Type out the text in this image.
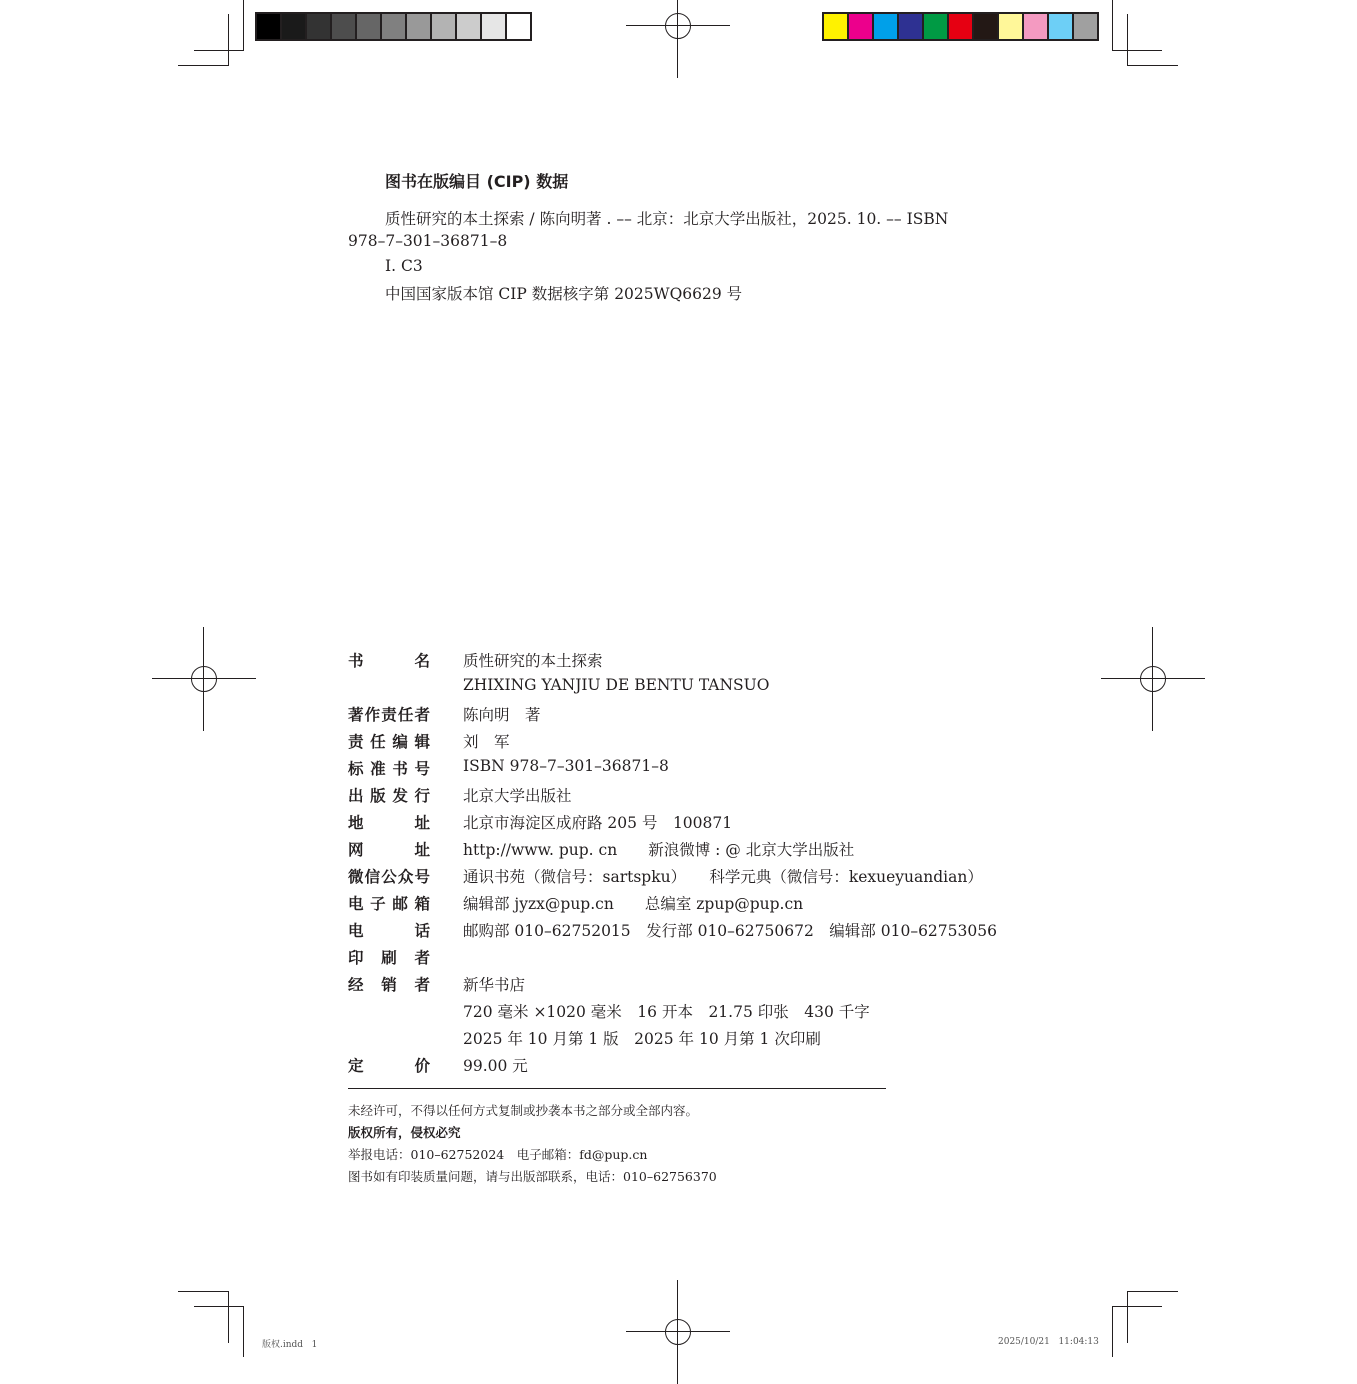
图书在版编目 (CIP) 数据
质性研究的本土探索 / 陈向明著 . –– 北京：北京大学出版社，2025. 10. –– ISBN
978–7–301–36871–8
Ⅰ. C3
中国国家版本馆 CIP 数据核字第 2025WQ6629 号
书名 质性研究的本土探索
ZHIXING YANJIU DE BENTU TANSUO
著作责任者 陈向明　著
责任编辑 刘　军
标准书号 ISBN 978–7–301–36871–8
出版发行 北京大学出版社
地址 北京市海淀区成府路 205 号　100871
网址 http://www. pup. cn　　新浪微博 : @ 北京大学出版社
微信公众号 通识书苑（微信号：sartspku）　　科学元典（微信号：kexueyuandian）
电子邮箱 编辑部 jyzx@pup.cn　　总编室 zpup@pup.cn
电话 邮购部 010–62752015　发行部 010–62750672　编辑部 010–62753056
印刷者
经销者 新华书店
720 毫米 ×1020 毫米　16 开本　21.75 印张　430 千字
2025 年 10 月第 1 版　2025 年 10 月第 1 次印刷
定价 99.00 元
未经许可，不得以任何方式复制或抄袭本书之部分或全部内容。
版权所有，侵权必究
举报电话：010–62752024　电子邮箱：fd@pup.cn
图书如有印装质量问题，请与出版部联系，电话：010–62756370
版权.indd   1	2025/10/21   11:04:13
